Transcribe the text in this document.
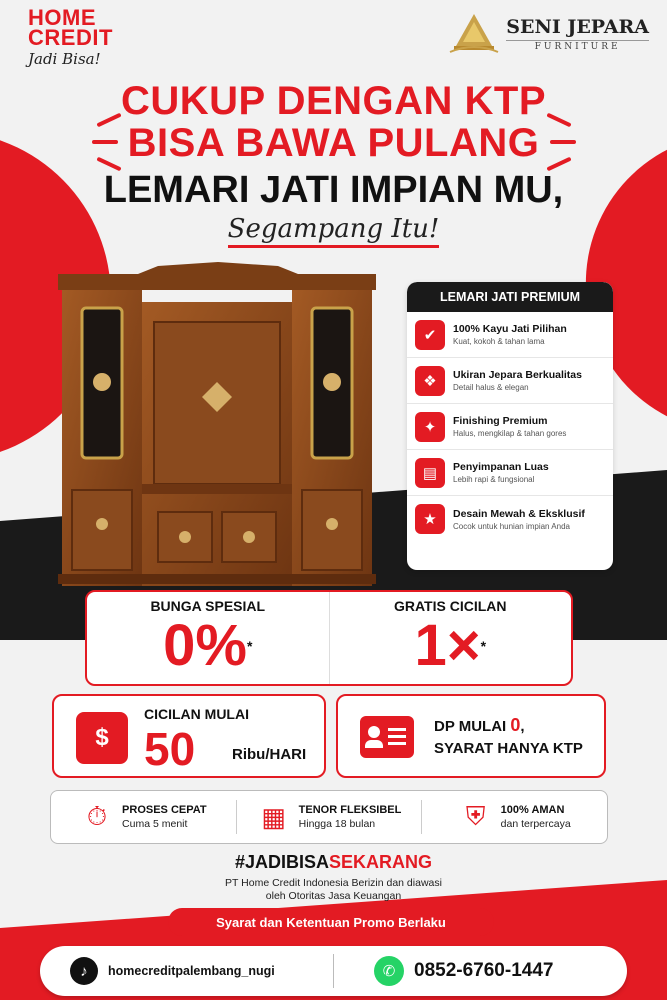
HOME
CREDIT
Jadi Bisa!
SENI JEPARA
FURNITURE
CUKUP DENGAN KTP
BISA BAWA PULANG
LEMARI JATI IMPIAN MU,
Segampang Itu!
LEMARI JATI PREMIUM
✔	100% Kayu Jati Pilihan
Kuat, kokoh & tahan lama
❖	Ukiran Jepara Berkualitas
Detail halus & elegan
✦	Finishing Premium
Halus, mengkilap & tahan gores
▤	Penyimpanan Luas
Lebih rapi & fungsional
★	Desain Mewah & Eksklusif
Cocok untuk hunian impian Anda
BUNGA SPESIAL
0%*
GRATIS CICILAN
1×*
$
CICILAN MULAI
50 Ribu/HARI
DP MULAI 0,
SYARAT HANYA KTP
⏱	PROSES CEPAT
Cuma 5 menit	▦	TENOR FLEKSIBEL
Hingga 18 bulan	⛨	100% AMAN
dan terpercaya
#JADIBISASEKARANG
PT Home Credit Indonesia Berizin dan diawasi
oleh Otoritas Jasa Keuangan
Syarat dan Ketentuan Promo Berlaku
♪	homecreditpalembang_nugi	✆ 0852-6760-1447
